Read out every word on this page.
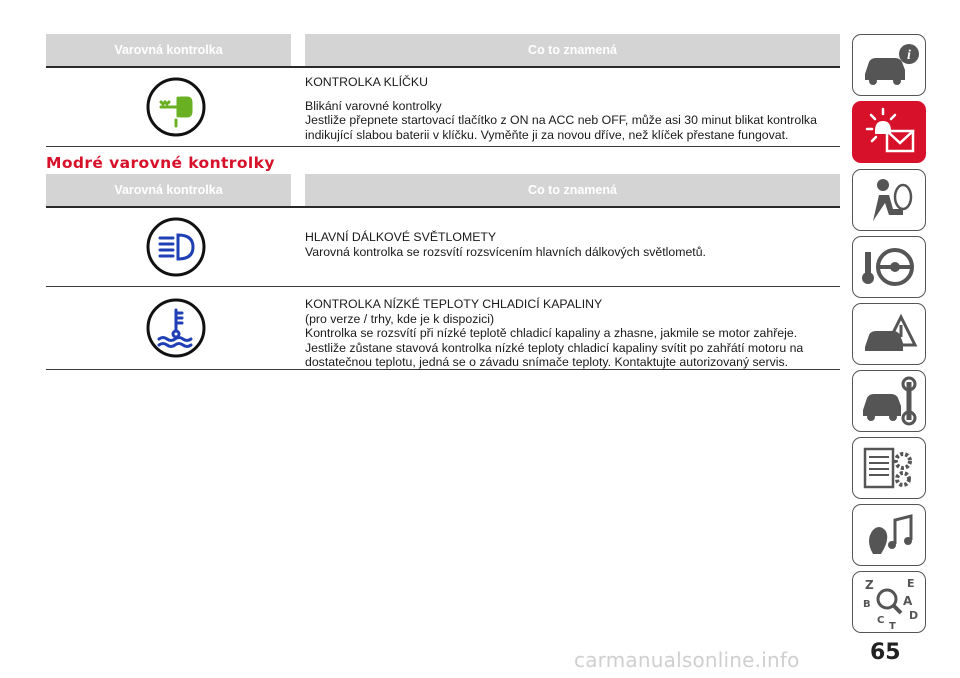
Varovná kontrolka	Co to znamená

KONTROLKA KLÍČKU

Blikání varovné kontrolky

Jestliže přepnete startovací tlačítko z ON na ACC neb OFF, může asi 30 minut blikat kontrolka indikující slabou baterii v klíčku. Vyměňte ji za novou dříve, než klíček přestane fungovat.

Modré varovné kontrolky
Varovná kontrolka	Co to znamená

HLAVNÍ DÁLKOVÉ SVĚTLOMETY

Varovná kontrolka se rozsvítí rozsvícením hlavních dálkových světlometů.

KONTROLKA NÍZKÉ TEPLOTY CHLADICÍ KAPALINY

(pro verze / trhy, kde je k dispozici)

Kontrolka se rozsvítí při nízké teplotě chladicí kapaliny a zhasne, jakmile se motor zahřeje.

Jestliže zůstane stavová kontrolka nízké teploty chladicí kapaliny svítit po zahřátí motoru na dostatečnou teplotu, jedná se o závadu snímače teploty. Kontaktujte autorizovaný servis.

i
Z	E
B	A
C D
T
65
carmanualsonline.info
